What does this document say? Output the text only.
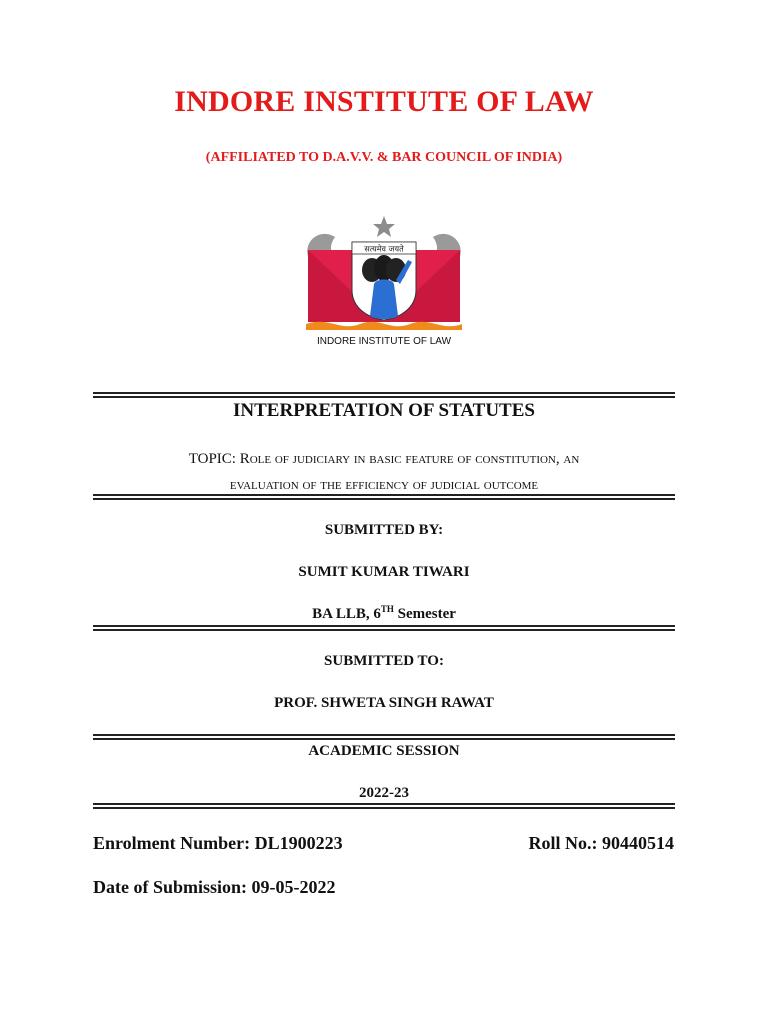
INDORE INSTITUTE OF LAW
(AFFILIATED TO D.A.V.V. & BAR COUNCIL OF INDIA)
सत्यमेव जयते
INDORE INSTITUTE OF LAW
INTERPRETATION OF STATUTES
TOPIC: Role of judiciary in basic feature of constitution, an
evaluation of the efficiency of judicial outcome
SUBMITTED BY:
SUMIT KUMAR TIWARI
BA LLB, 6TH Semester
SUBMITTED TO:
PROF. SHWETA SINGH RAWAT
ACADEMIC SESSION
2022-23
Enrolment Number: DL1900223	Roll No.: 90440514
Date of Submission: 09-05-2022
